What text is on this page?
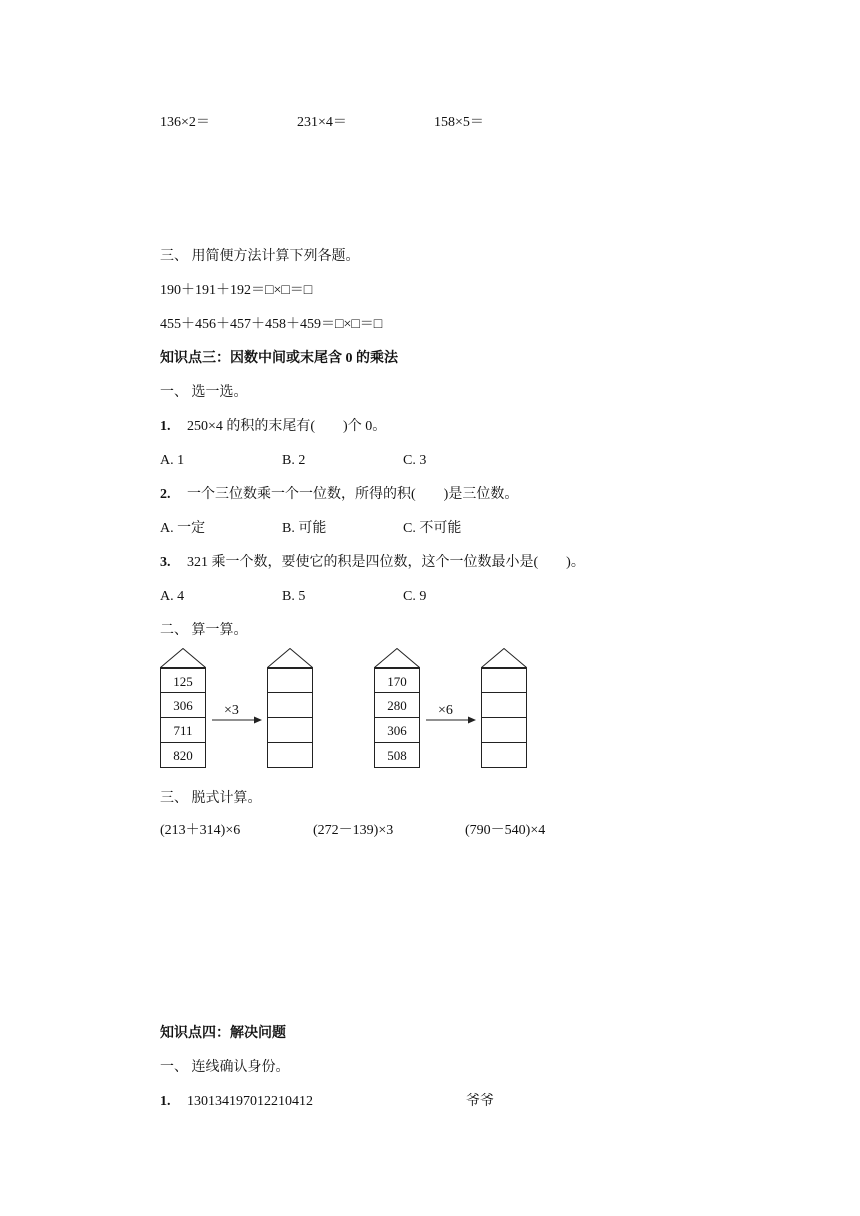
136×2＝	231×4＝	158×5＝
三、 用简便方法计算下列各题。
190＋191＋192＝□×□＝□
455＋456＋457＋458＋459＝□×□＝□
知识点三：因数中间或末尾含 0 的乘法
一、 选一选。
1. 250×4 的积的末尾有(　　)个 0。
A. 1	B. 2	C. 3
2. 一个三位数乘一个一位数，所得的积(　　)是三位数。
A. 一定	B. 可能	C. 不可能
3. 321 乘一个数，要使它的积是四位数，这个一位数最小是(　　)。
A. 4	B. 5	C. 9
二、 算一算。
125
306
711
820
×3
170
280
306
508
×6
三、 脱式计算。
(213＋314)×6	(272－139)×3	(790－540)×4
知识点四：解决问题
一、 连线确认身份。
1. 130134197012210412	爷爷
